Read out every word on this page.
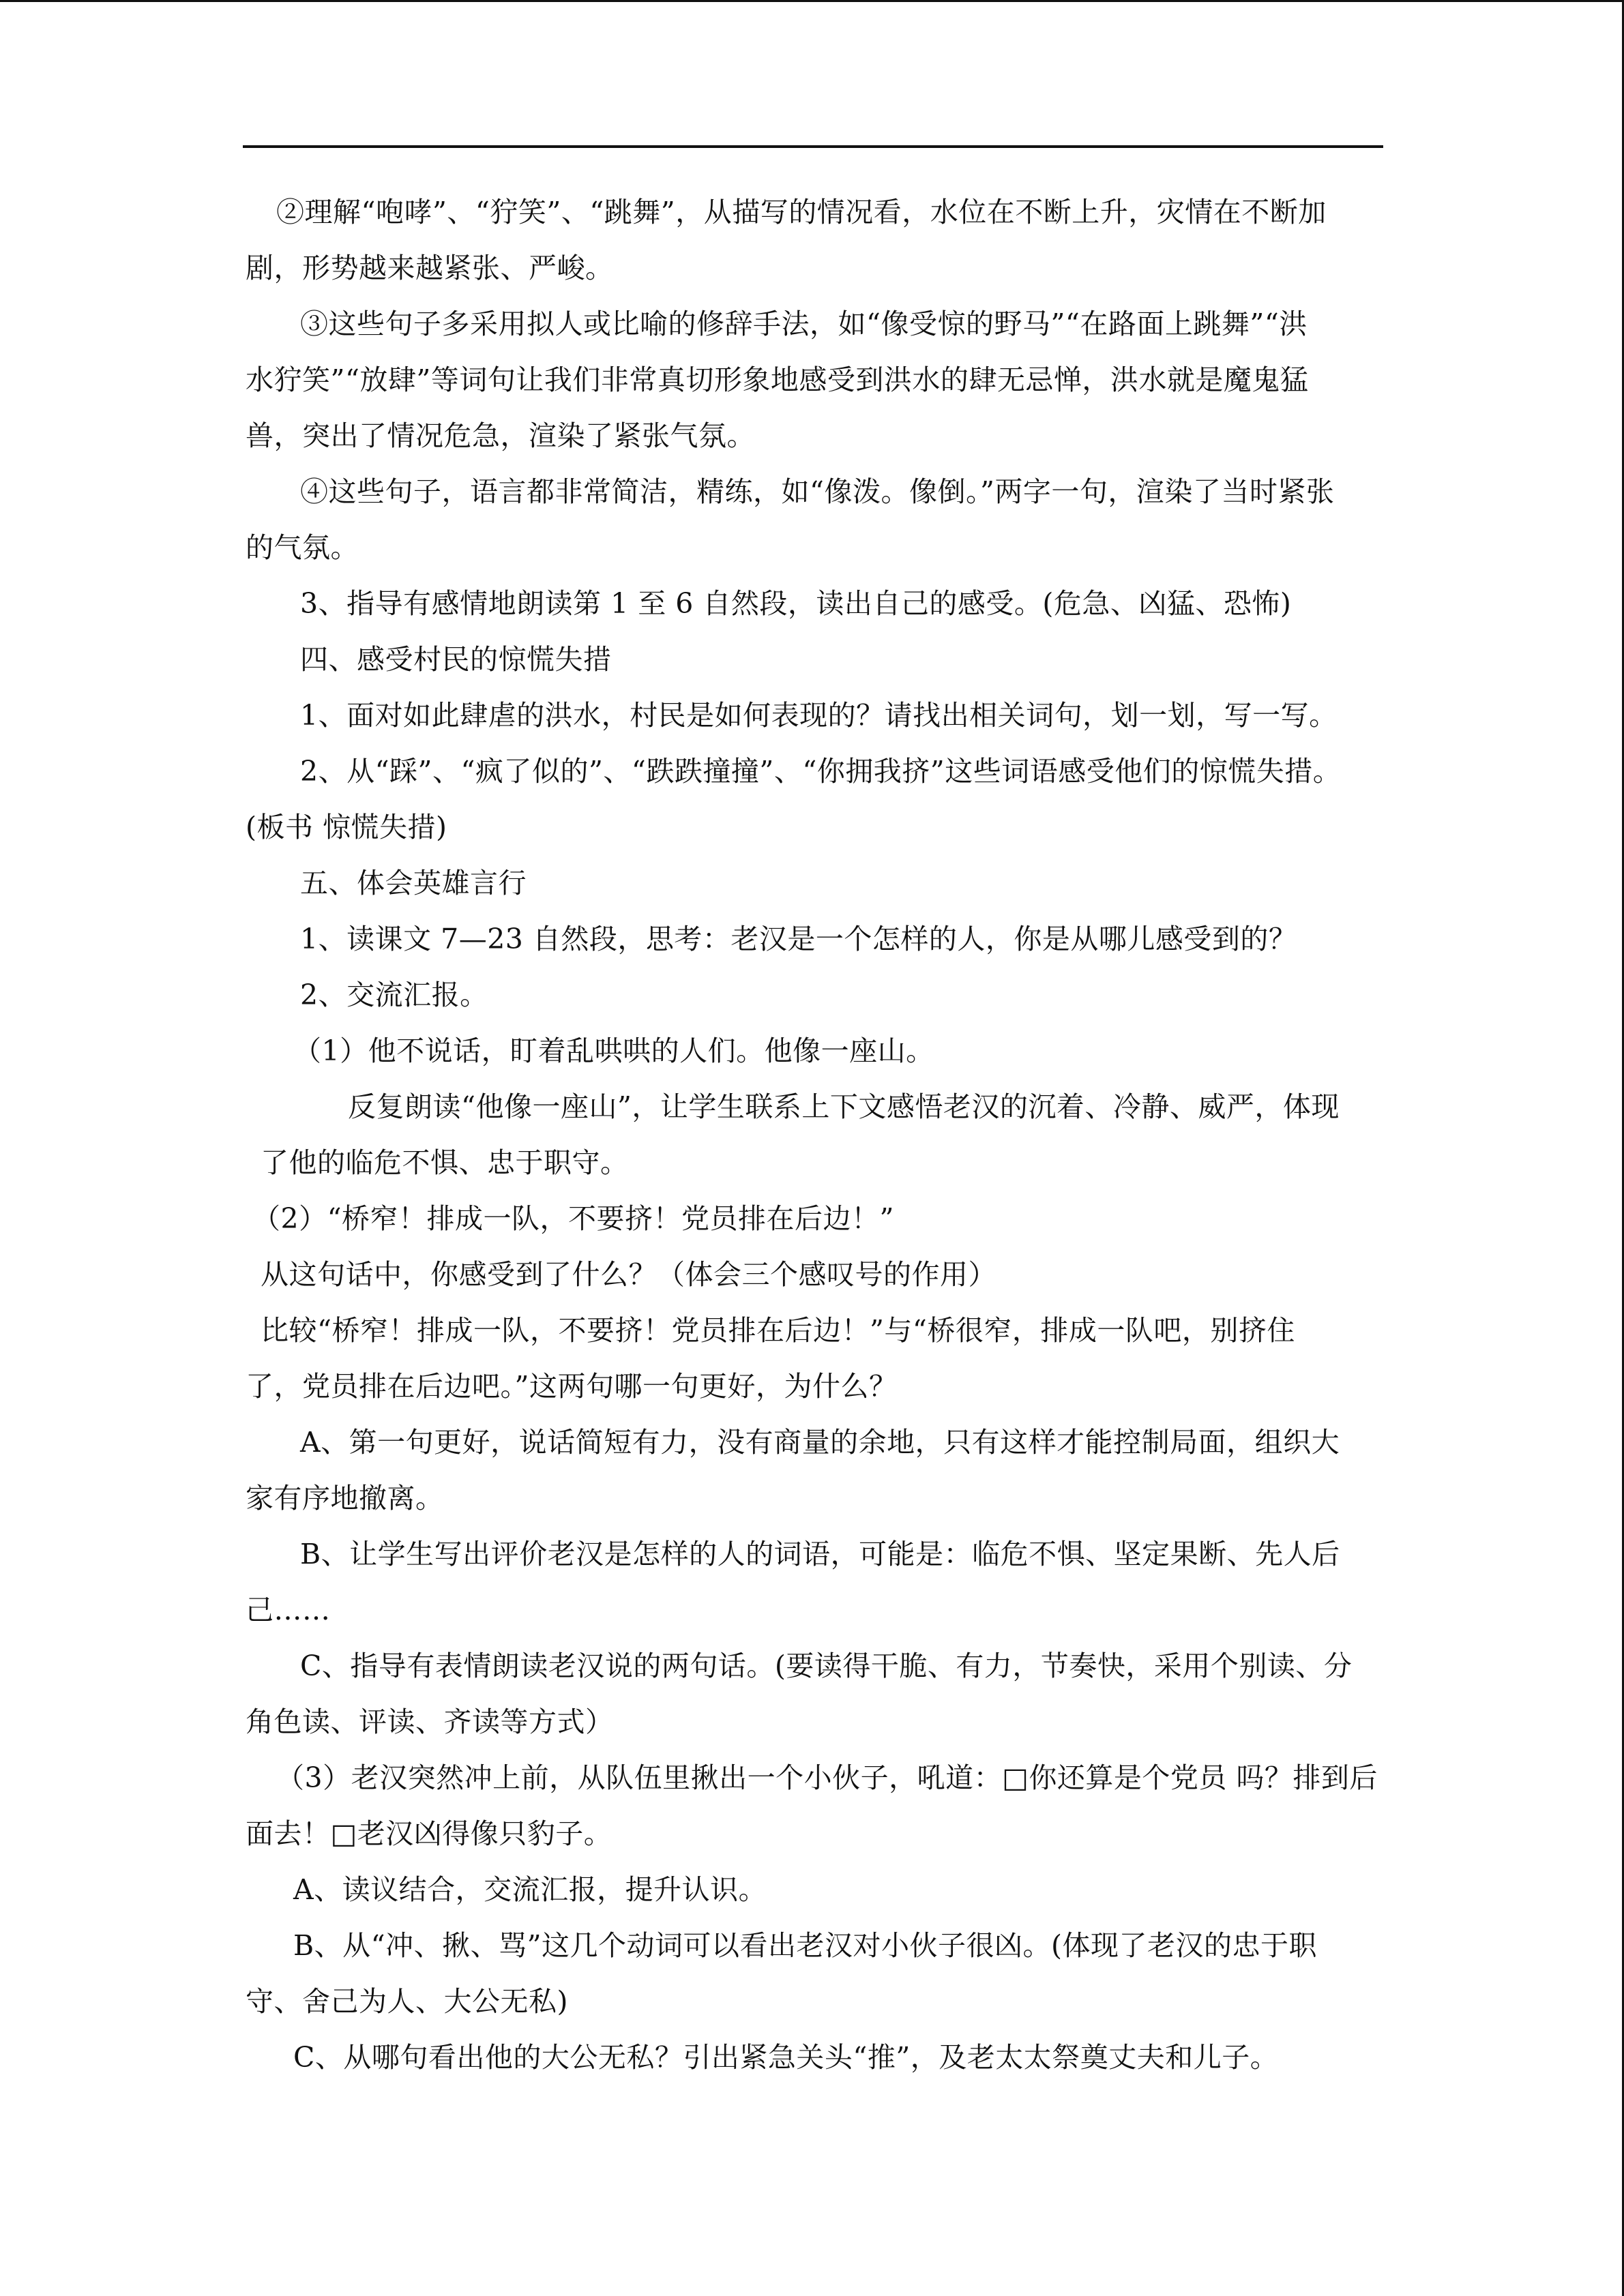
②理解“咆哮”、“狞笑”、“跳舞”，从描写的情况看，水位在不断上升，灾情在不断加
剧，形势越来越紧张、严峻。
③这些句子多采用拟人或比喻的修辞手法，如“像受惊的野马”“在路面上跳舞”“洪
水狞笑”“放肆”等词句让我们非常真切形象地感受到洪水的肆无忌惮，洪水就是魔鬼猛
兽，突出了情况危急，渲染了紧张气氛。
④这些句子，语言都非常简洁，精练，如“像泼。像倒。”两字一句，渲染了当时紧张
的气氛。
3、指导有感情地朗读第 1 至 6 自然段，读出自己的感受。(危急、凶猛、恐怖)
四、感受村民的惊慌失措
1、面对如此肆虐的洪水，村民是如何表现的？请找出相关词句，划一划，写一写。
2、从“踩”、“疯了似的”、“跌跌撞撞”、“你拥我挤”这些词语感受他们的惊慌失措。
(板书 惊慌失措)
五、体会英雄言行
1、读课文 7—23 自然段，思考：老汉是一个怎样的人，你是从哪儿感受到的？
2、交流汇报。
（1）他不说话，盯着乱哄哄的人们。他像一座山。
反复朗读“他像一座山”，让学生联系上下文感悟老汉的沉着、冷静、威严，体现
了他的临危不惧、忠于职守。
（2）“桥窄！排成一队，不要挤！党员排在后边！”
从这句话中，你感受到了什么？（体会三个感叹号的作用）
比较“桥窄！排成一队，不要挤！党员排在后边！”与“桥很窄，排成一队吧，别挤住
了，党员排在后边吧。”这两句哪一句更好，为什么？
A、第一句更好，说话简短有力，没有商量的余地，只有这样才能控制局面，组织大
家有序地撤离。
B、让学生写出评价老汉是怎样的人的词语，可能是：临危不惧、坚定果断、先人后
己……
C、指导有表情朗读老汉说的两句话。(要读得干脆、有力，节奏快，采用个别读、分
角色读、评读、齐读等方式）
（3）老汉突然冲上前，从队伍里揪出一个小伙子，吼道：□你还算是个党员 吗？排到后
面去！□老汉凶得像只豹子。
A、读议结合，交流汇报，提升认识。
B、从“冲、揪、骂”这几个动词可以看出老汉对小伙子很凶。(体现了老汉的忠于职
守、舍己为人、大公无私)
C、从哪句看出他的大公无私？引出紧急关头“推”，及老太太祭奠丈夫和儿子。
